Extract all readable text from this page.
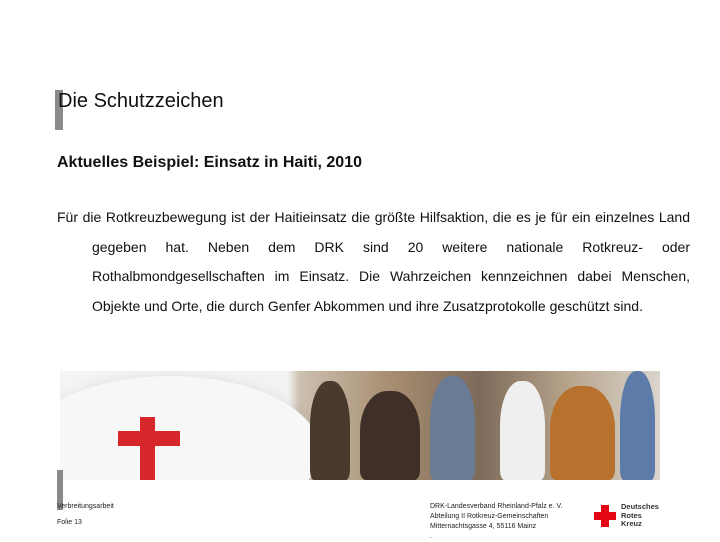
Die Schutzzeichen
Aktuelles Beispiel: Einsatz in Haiti, 2010

Für die Rotkreuzbewegung ist der Haitieinsatz die größte Hilfsaktion, die es je für ein einzelnes Land gegeben hat. Neben dem DRK sind 20 weitere nationale Rotkreuz- oder Rothalbmondgesellschaften im Einsatz. Die Wahrzeichen kennzeichnen dabei Menschen, Objekte und Orte, die durch Genfer Abkommen und ihre Zusatzprotokolle geschützt sind.

Verbreitungsarbeit
Folie 13
DRK-Landesverband Rheinland-Pfalz e. V.
Abteilung II Rotkreuz-Gemeinschaften
Mitternachtsgasse 4, 55116 Mainz
.
Deutsches
Rotes
Kreuz
